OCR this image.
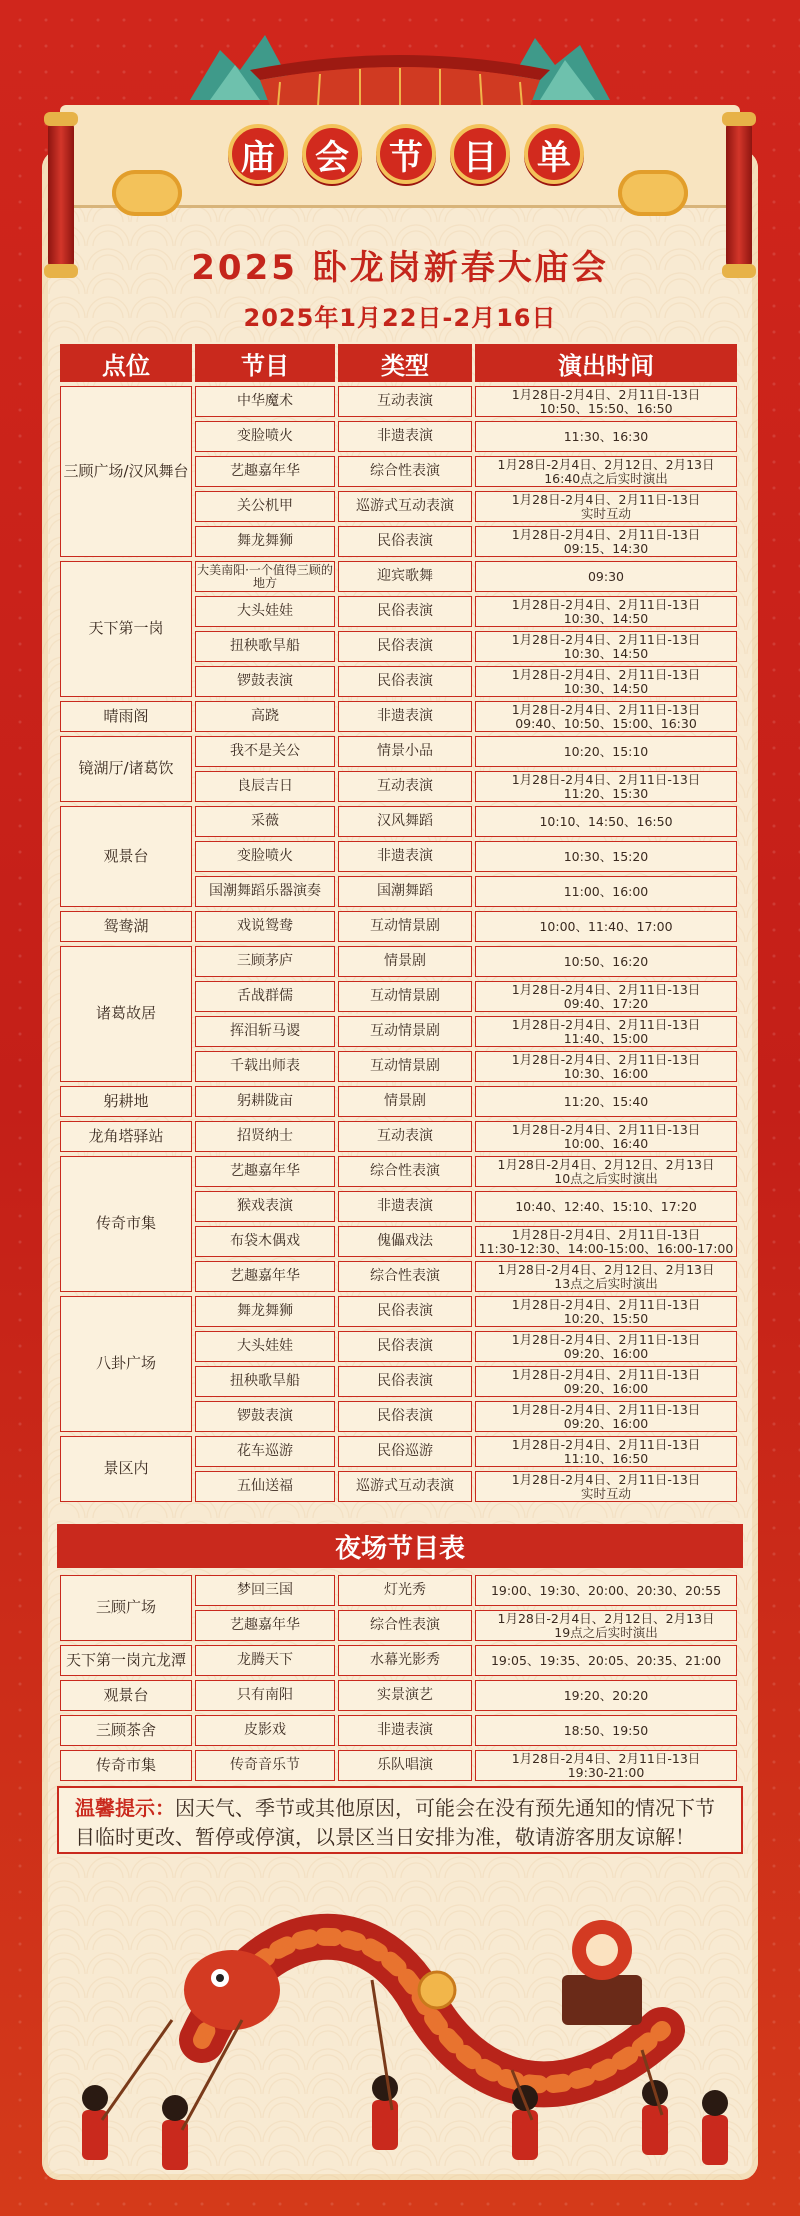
庙	会	节	目	单
2025 卧龙岗新春大庙会
2025年1月22日-2月16日
点位	节目	类型	演出时间
三顾广场/汉风舞台	中华魔术	互动表演	1月28日-2月4日、2月11日-13日
10:50、15:50、16:50
	变脸喷火	非遗表演	11:30、16:30
	艺趣嘉年华	综合性表演	1月28日-2月4日、2月12日、2月13日
16:40点之后实时演出
	关公机甲	巡游式互动表演	1月28日-2月4日、2月11日-13日
实时互动
	舞龙舞狮	民俗表演	1月28日-2月4日、2月11日-13日
09:15、14:30
天下第一岗	大美南阳·一个值得三顾的地方	迎宾歌舞	09:30
	大头娃娃	民俗表演	1月28日-2月4日、2月11日-13日
10:30、14:50
	扭秧歌旱船	民俗表演	1月28日-2月4日、2月11日-13日
10:30、14:50
	锣鼓表演	民俗表演	1月28日-2月4日、2月11日-13日
10:30、14:50
晴雨阁	高跷	非遗表演	1月28日-2月4日、2月11日-13日
09:40、10:50、15:00、16:30
镜湖厅/诸葛饮	我不是关公	情景小品	10:20、15:10
	良辰吉日	互动表演	1月28日-2月4日、2月11日-13日
11:20、15:30
观景台	采薇	汉风舞蹈	10:10、14:50、16:50
	变脸喷火	非遗表演	10:30、15:20
	国潮舞蹈乐器演奏	国潮舞蹈	11:00、16:00
鸳鸯湖	戏说鸳鸯	互动情景剧	10:00、11:40、17:00
诸葛故居	三顾茅庐	情景剧	10:50、16:20
	舌战群儒	互动情景剧	1月28日-2月4日、2月11日-13日
09:40、17:20
	挥泪斩马谡	互动情景剧	1月28日-2月4日、2月11日-13日
11:40、15:00
	千载出师表	互动情景剧	1月28日-2月4日、2月11日-13日
10:30、16:00
躬耕地	躬耕陇亩	情景剧	11:20、15:40
龙角塔驿站	招贤纳士	互动表演	1月28日-2月4日、2月11日-13日
10:00、16:40
传奇市集	艺趣嘉年华	综合性表演	1月28日-2月4日、2月12日、2月13日
10点之后实时演出
	猴戏表演	非遗表演	10:40、12:40、15:10、17:20
	布袋木偶戏	傀儡戏法	1月28日-2月4日、2月11日-13日
11:30-12:30、14:00-15:00、16:00-17:00
	艺趣嘉年华	综合性表演	1月28日-2月4日、2月12日、2月13日
13点之后实时演出
八卦广场	舞龙舞狮	民俗表演	1月28日-2月4日、2月11日-13日
10:20、15:50
	大头娃娃	民俗表演	1月28日-2月4日、2月11日-13日
09:20、16:00
	扭秧歌旱船	民俗表演	1月28日-2月4日、2月11日-13日
09:20、16:00
	锣鼓表演	民俗表演	1月28日-2月4日、2月11日-13日
09:20、16:00
景区内	花车巡游	民俗巡游	1月28日-2月4日、2月11日-13日
11:10、16:50
	五仙送福	巡游式互动表演	1月28日-2月4日、2月11日-13日
实时互动
夜场节目表
三顾广场	梦回三国	灯光秀	19:00、19:30、20:00、20:30、20:55
	艺趣嘉年华	综合性表演	1月28日-2月4日、2月12日、2月13日
19点之后实时演出
天下第一岗亢龙潭	龙腾天下	水幕光影秀	19:05、19:35、20:05、20:35、21:00
观景台	只有南阳	实景演艺	19:20、20:20
三顾茶舍	皮影戏	非遗表演	18:50、19:50
传奇市集	传奇音乐节	乐队唱演	1月28日-2月4日、2月11日-13日
19:30-21:00
温馨提示：因天气、季节或其他原因，可能会在没有预先通知的情况下节目临时更改、暂停或停演，以景区当日安排为准，敬请游客朋友谅解！
